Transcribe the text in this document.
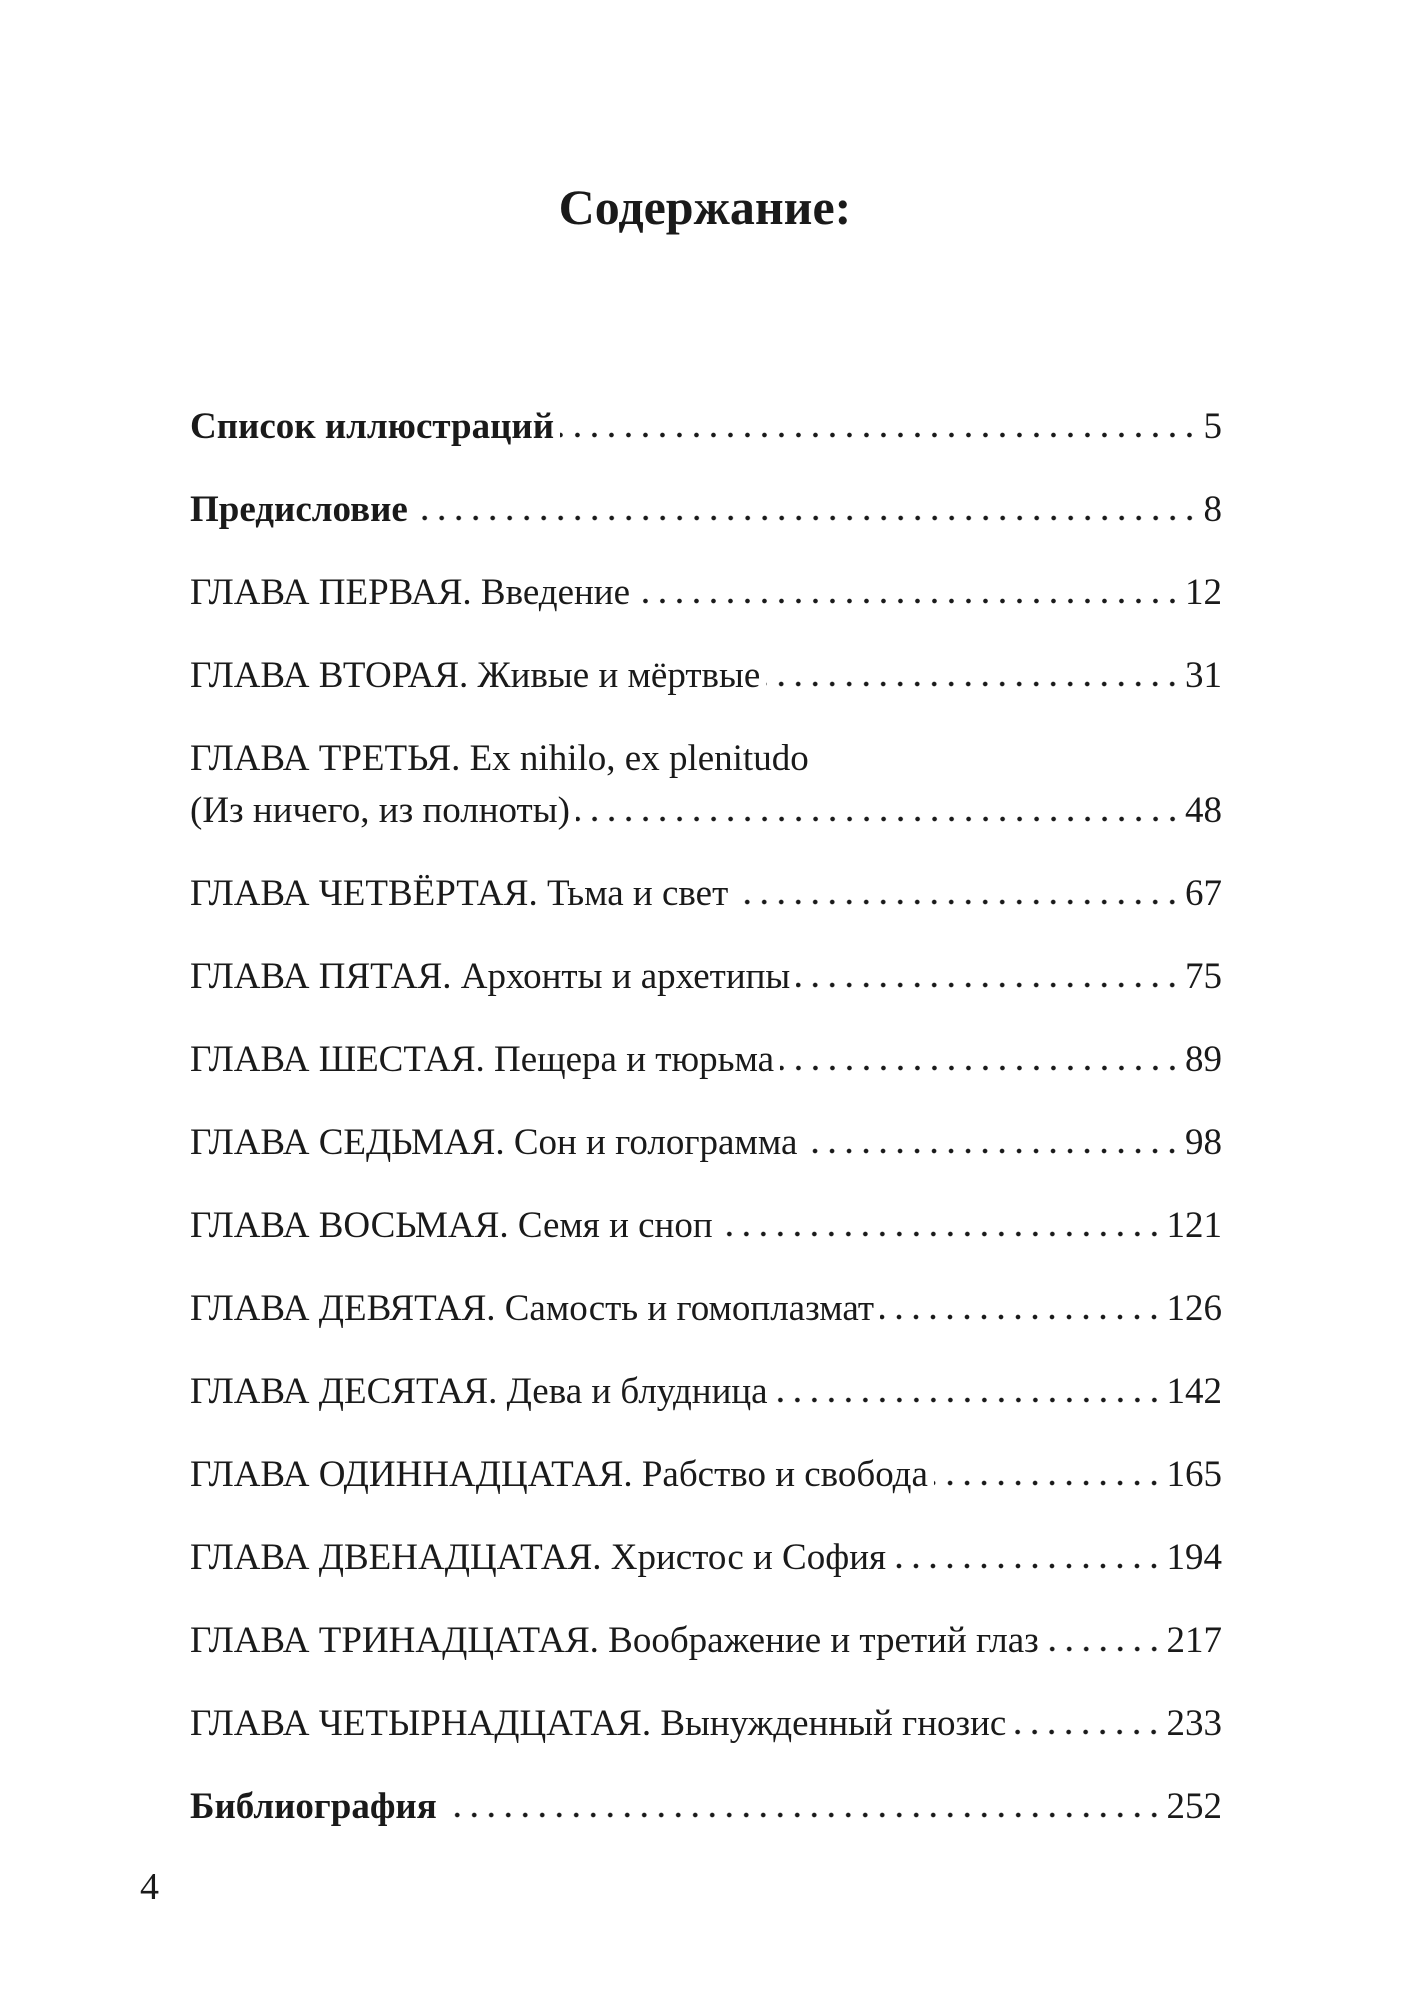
Содержание:
Список иллюстраций	5
Предисловие	8
ГЛАВА ПЕРВАЯ. Введение	12
ГЛАВА ВТОРАЯ. Живые и мёртвые	31
ГЛАВА ТРЕТЬЯ. Ex nihilo, ex plenitudo
(Из ничего, из полноты)	48
ГЛАВА ЧЕТВЁРТАЯ. Тьма и свет	67
ГЛАВА ПЯТАЯ. Архонты и архетипы	75
ГЛАВА ШЕСТАЯ. Пещера и тюрьма	89
ГЛАВА СЕДЬМАЯ. Сон и голограмма	98
ГЛАВА ВОСЬМАЯ. Семя и сноп	121
ГЛАВА ДЕВЯТАЯ. Самость и гомоплазмат	126
ГЛАВА ДЕСЯТАЯ. Дева и блудница	142
ГЛАВА ОДИННАДЦАТАЯ. Рабство и свобода	165
ГЛАВА ДВЕНАДЦАТАЯ. Христос и София	194
ГЛАВА ТРИНАДЦАТАЯ. Воображение и третий глаз	217
ГЛАВА ЧЕТЫРНАДЦАТАЯ. Вынужденный гнозис	233
Библиография	252
4
